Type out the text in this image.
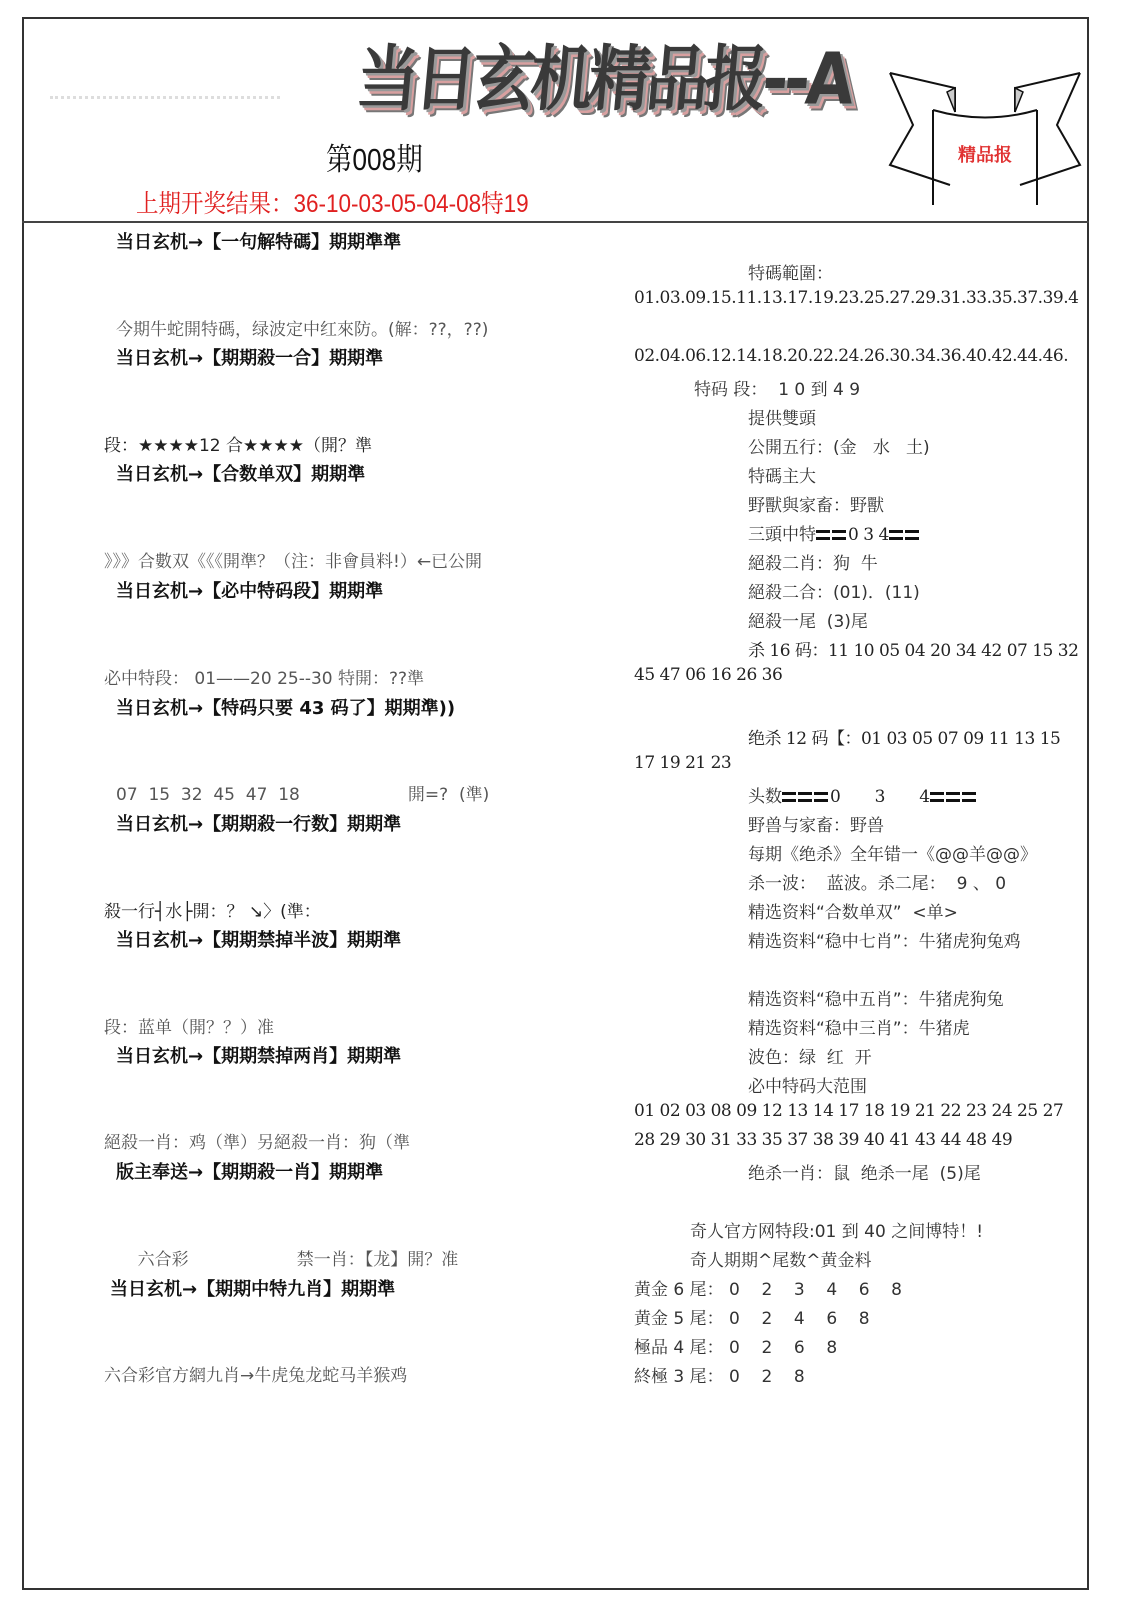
当日玄机精品报--A
第008期
上期开奖结果：36-10-03-05-04-08特19
精品报
当日玄机→【一句解特碼】期期準準
今期牛蛇開特碼，绿波定中红來防。(解：??，??)
当日玄机→【期期殺一合】期期準
段：★★★★12 合★★★★（開？準
当日玄机→【合数单双】期期準
》》》合數双《《《開準？（注：非會員料!）←已公開
当日玄机→【必中特码段】期期準
必中特段： 01——20 25--30 特開：??準
当日玄机→【特码只要 43 码了】期期準))
07  15  32  45  47  18                    開=?  (準)
当日玄机→【期期殺一行数】期期準
殺一行┤水├開：？ ↘〉(準：
当日玄机→【期期禁掉半波】期期準
段：蓝单（開？？）准
当日玄机→【期期禁掉两肖】期期準
絕殺一肖：鸡（準）另絕殺一肖：狗（準
版主奉送→【期期殺一肖】期期準
六合彩                    禁一肖：【龙】開？准
当日玄机→【期期中特九肖】期期準
六合彩官方網九肖→牛虎兔龙蛇马羊猴鸡
特碼範圍：
01.03.09.15.11.13.17.19.23.25.27.29.31.33.35.37.39.4
02.04.06.12.14.18.20.22.24.26.30.34.36.40.42.44.46.
特码 段：  1 0 到 4 9
提供雙頭
公開五行：(金   水   土)
特碼主大
野獸與家畜：野獸
三頭中特 0 3 4
絕殺二肖：狗  牛
絕殺二合：(01)．(11)
絕殺一尾  (3)尾
杀 16 码：11 10 05 04 20 34 42 07 15 32
45 47 06 16 26 36
绝杀 12 码【：01 03 05 07 09 11 13 15
17 19 21 23
头数	0       3       4
野兽与家畜：野兽
每期《绝杀》全年错一《@@羊@@》
杀一波：  蓝波。杀二尾：  9 、 0
精选资料“合数单双”  <单>
精选资料“稳中七肖”：牛猪虎狗兔鸡
精选资料“稳中五肖”：牛猪虎狗兔
精选资料“稳中三肖”：牛猪虎
波色：绿  红  开
必中特码大范围
01 02 03 08 09 12 13 14 17 18 19 21 22 23 24 25 27
28 29 30 31 33 35 37 38 39 40 41 43 44 48 49
绝杀一肖：鼠  绝杀一尾  (5)尾
奇人官方网特段:01 到 40 之间博特！!
奇人期期^尾数^黄金料
黄金 6 尾： 0    2    3    4    6    8
黄金 5 尾： 0    2    4    6    8
極品 4 尾： 0    2    6    8
終極 3 尾： 0    2    8
